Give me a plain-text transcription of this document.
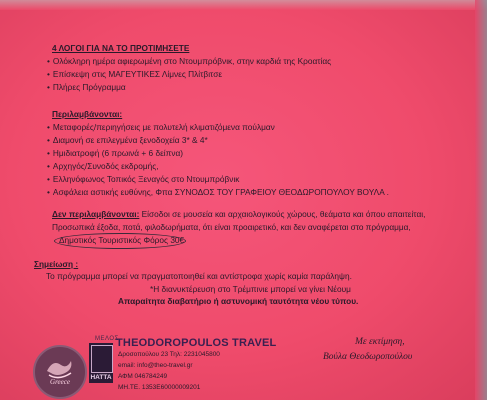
4 ΛΟΓΟΙ ΓΙΑ ΝΑ ΤΟ ΠΡΟΤΙΜΗΣΕΤΕ
• Ολόκληρη ημέρα αφιερωμένη στο Ντουμπρόβνικ, στην καρδιά της Κροατίας
• Επίσκεψη στις ΜΑΓΕΥΤΙΚΕΣ Λίμνες Πλίτβιτσε
• Πλήρες Πρόγραμμα
Περιλαμβάνονται:
• Μεταφορές/περιηγήσεις με πολυτελή κλιματιζόμενα πούλμαν
• Διαμονή σε επιλεγμένα ξενοδοχεία 3* & 4*
• Ημιδιατροφή (6 πρωινά + 6 δείπνα)
• Αρχηγός/Συνοδός εκδρομής,
• Ελληνόφωνος Τοπικός Ξεναγός στο Ντουμπρόβνικ
• Ασφάλεια αστικής ευθύνης, Φπα ΣΥΝΟΔΟΣ ΤΟΥ ΓΡΑΦΕΙΟΥ ΘΕΟΔΩΡΟΠΟΥΛΟΥ ΒΟΥΛΑ .
Δεν περιλαμβάνονται: Είσοδοι σε μουσεία και αρχαιολογικούς χώρους, θεάματα και όπου απαιτείται,
Προσωπικά έξοδα, ποτά, φιλοδωρήματα, ότι είναι προαιρετικό, και δεν αναφέρεται στο πρόγραμμα,
Δημοτικός Τουριστικός Φόρος 30€
Σημείωση :
Το πρόγραμμα μπορεί να πραγματοποιηθεί και αντίστροφα χωρίς καμία παράληψη.
*Η διανυκτέρευση στο Τρέμπινιε μπορεί να γίνει Νέουμ
Απαραίτητα διαβατήριο ή αστυνομική ταυτότητα νέου τύπου.
Greece
ΜΕΛΟΣ
HATTA
THEODOROPOULOS TRAVEL
Δροσοπούλου 23 Τηλ: 2231045800
email: info@theo-travel.gr
ΑΦΜ 046784249
ΜΗ.ΤΕ. 1353Ε60000009201
Με εκτίμηση,
Βούλα Θεοδωροπούλου
